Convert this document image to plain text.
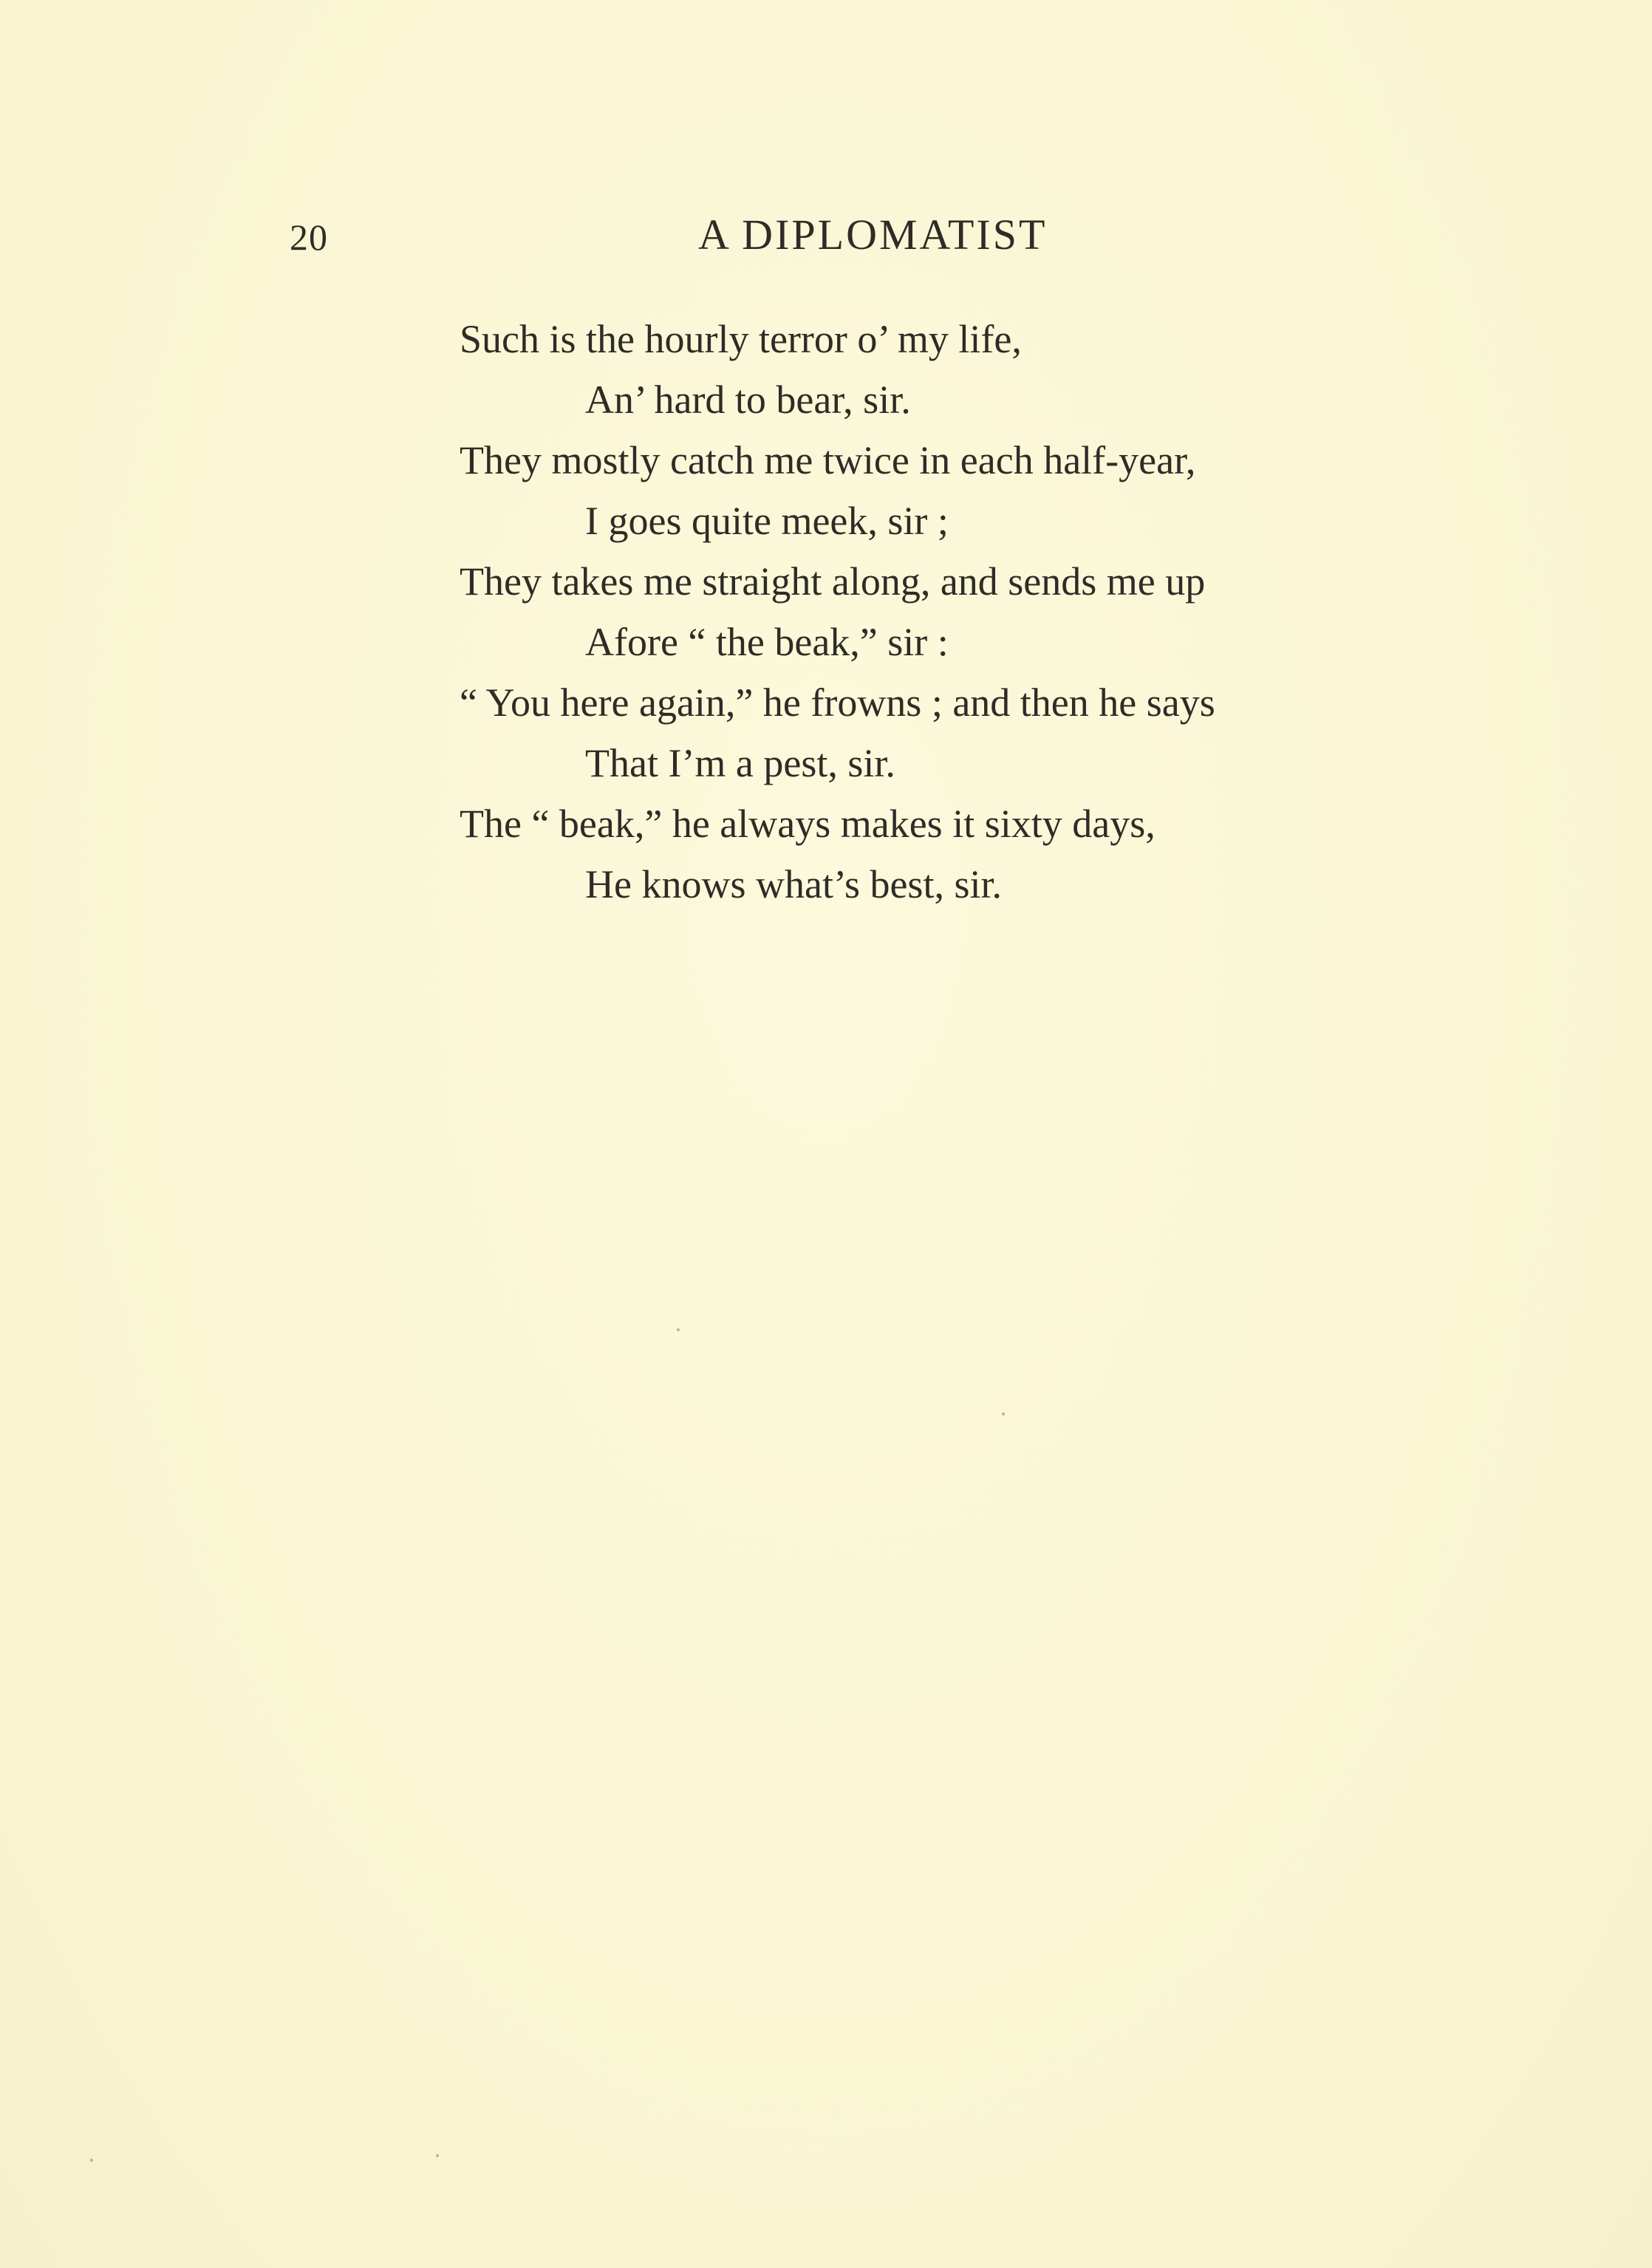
20	A DIPLOMATIST
Such is the hourly terror o’ my life,
An’ hard to bear, sir.
They mostly catch me twice in each half-year,
I goes quite meek, sir ;
They takes me straight along, and sends me up
Afore “ the beak,” sir :
“ You here again,” he frowns ; and then he says
That I’m a pest, sir.
The “ beak,” he always makes it sixty days,
He knows what’s best, sir.
